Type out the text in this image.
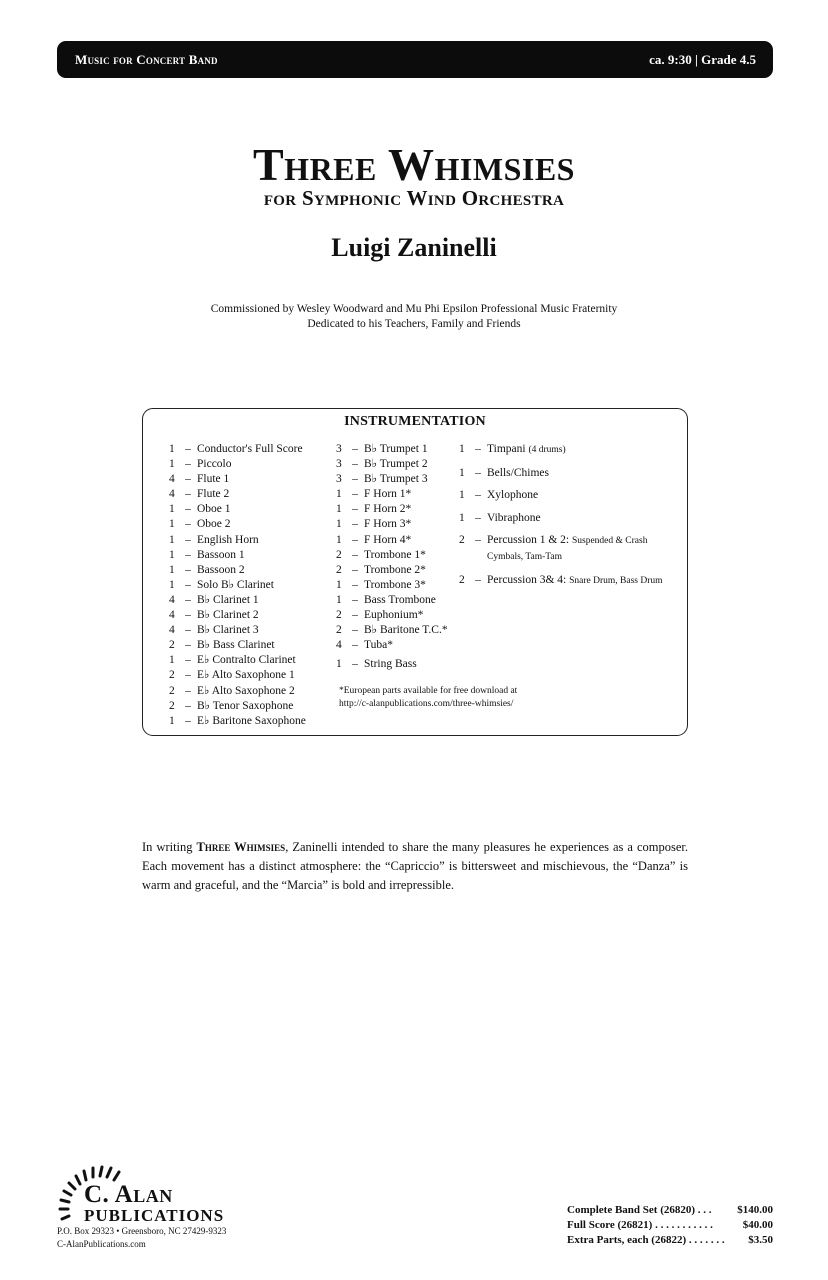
Music for Concert Band	ca. 9:30 | Grade 4.5
Three Whimsies
for Symphonic Wind Orchestra
Luigi Zaninelli
Commissioned by Wesley Woodward and Mu Phi Epsilon Professional Music Fraternity
Dedicated to his Teachers, Family and Friends
INSTRUMENTATION
1 – Conductor's Full Score
1 – Piccolo
4 – Flute 1
4 – Flute 2
1 – Oboe 1
1 – Oboe 2
1 – English Horn
1 – Bassoon 1
1 – Bassoon 2
1 – Solo B♭ Clarinet
4 – B♭ Clarinet 1
4 – B♭ Clarinet 2
4 – B♭ Clarinet 3
2 – B♭ Bass Clarinet
1 – E♭ Contralto Clarinet
2 – E♭ Alto Saxophone 1
2 – E♭ Alto Saxophone 2
2 – B♭ Tenor Saxophone
1 – E♭ Baritone Saxophone
3 – B♭ Trumpet 1
3 – B♭ Trumpet 2
3 – B♭ Trumpet 3
1 – F Horn 1*
1 – F Horn 2*
1 – F Horn 3*
1 – F Horn 4*
2 – Trombone 1*
2 – Trombone 2*
1 – Trombone 3*
1 – Bass Trombone
2 – Euphonium*
2 – B♭ Baritone T.C.*
4 – Tuba*
1 – String Bass
1 – Timpani (4 drums)
1 – Bells/Chimes
1 – Xylophone
1 – Vibraphone
2 – Percussion 1 & 2: Suspended & Crash Cymbals, Tam-Tam
2 – Percussion 3& 4: Snare Drum, Bass Drum
*European parts available for free download at
http://c-alanpublications.com/three-whimsies/
In writing Three Whimsies, Zaninelli intended to share the many pleasures he experiences as a composer. Each movement has a distinct atmosphere: the “Capriccio” is bittersweet and mischievous, the “Danza” is warm and graceful, and the “Marcia” is bold and irrepressible.
C. Alan
PUBLICATIONS
P.O. Box 29323 • Greensboro, NC 27429-9323
C-AlanPublications.com
Complete Band Set (26820) . . . $140.00
Full Score (26821) . . . . . . . . . . .	$40.00
Extra Parts, each (26822) . . . . . . . $3.50
